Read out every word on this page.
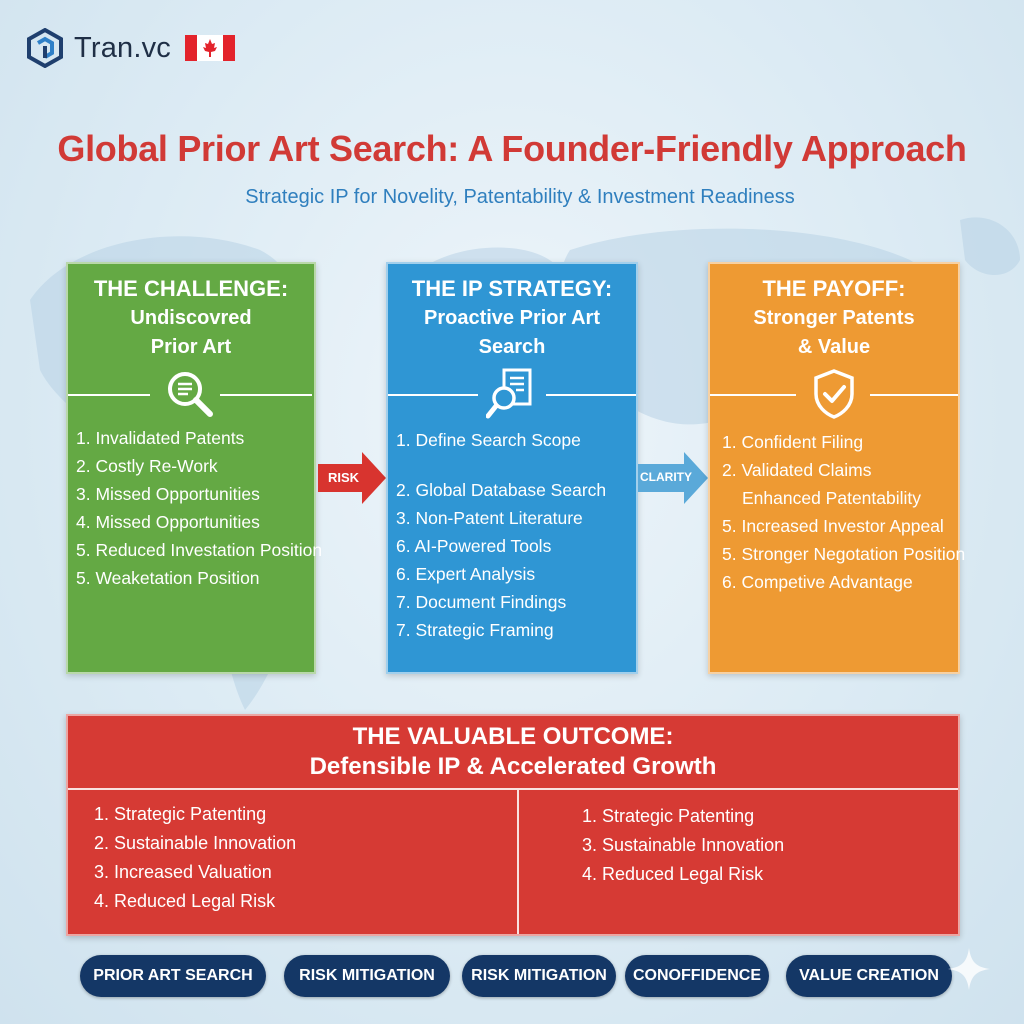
Tran.vc
Global Prior Art Search: A Founder-Friendly Approach
Strategic IP for Novelity, Patentability & Investment Readiness
THE CHALLENGE:
Undiscovred
Prior Art
1. Invalidated Patents
2. Costly Re-Work
3. Missed Opportunities
4. Missed Opportunities
5. Reduced Investation Position
5. Weaketation Position
RISK
THE IP STRATEGY:
Proactive Prior Art
Search
1. Define Search Scope
2. Global Database Search
3. Non-Patent Literature
6. AI-Powered Tools
6. Expert Analysis
7. Document Findings
7. Strategic Framing
CLARITY
THE PAYOFF:
Stronger Patents
& Value
1. Confident Filing
2. Validated Claims
Enhanced Patentability
5. Increased Investor Appeal
5. Stronger Negotation Position
6. Competive Advantage
THE VALUABLE OUTCOME:
Defensible IP & Accelerated Growth
1. Strategic Patenting
2. Sustainable Innovation
3. Increased Valuation
4. Reduced Legal Risk
1. Strategic Patenting
3. Sustainable Innovation
4. Reduced Legal Risk
PRIOR ART SEARCH	RISK MITIGATION	RISK MITIGATION	CONOFFIDENCE	VALUE CREATION
